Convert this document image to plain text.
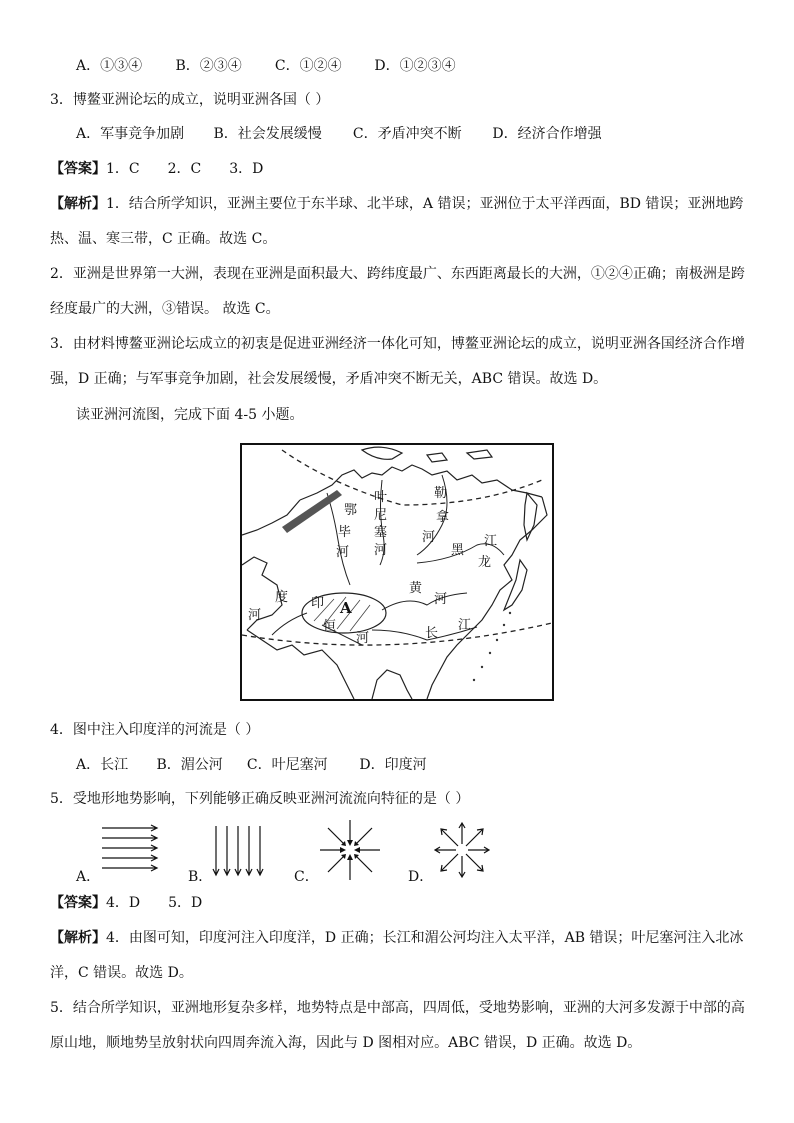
A．①③④ B．②③④ C．①②④ D．①②③④
3．博鳌亚洲论坛的成立，说明亚洲各国（ ）
A．军事竞争加剧 B．社会发展缓慢 C．矛盾冲突不断 D．经济合作增强
【答案】1．C　　2．C　　3．D
【解析】1．结合所学知识，亚洲主要位于东半球、北半球，A 错误；亚洲位于太平洋西面，BD 错误；亚洲地跨
热、温、寒三带，C 正确。故选 C。
2．亚洲是世界第一大洲，表现在亚洲是面积最大、跨纬度最广、东西距离最长的大洲，①②④正确；南极洲是跨
经度最广的大洲，③错误。 故选 C。
3．由材料博鳌亚洲论坛成立的初衷是促进亚洲经济一体化可知，博鳌亚洲论坛的成立，说明亚洲各国经济合作增
强，D 正确；与军事竞争加剧，社会发展缓慢，矛盾冲突不断无关，ABC 错误。故选 D。
读亚洲河流图，完成下面 4-5 小题。
鄂
毕
河
叶
尼
塞
河
勒
拿
河
黑
龙
江
黄
河
长
江
度
河
印
恒
河
A
4．图中注入印度洋的河流是（ ）
A．长江 B．湄公河 C．叶尼塞河 D．印度河
5．受地形地势影响，下列能够正确反映亚洲河流流向特征的是（ ）
A．	B．	C．	D．
【答案】4．D　　5．D
【解析】4．由图可知，印度河注入印度洋，D 正确；长江和湄公河均注入太平洋，AB 错误；叶尼塞河注入北冰
洋，C 错误。故选 D。
5．结合所学知识，亚洲地形复杂多样，地势特点是中部高，四周低，受地势影响，亚洲的大河多发源于中部的高
原山地，顺地势呈放射状向四周奔流入海，因此与 D 图相对应。ABC 错误，D 正确。故选 D。
